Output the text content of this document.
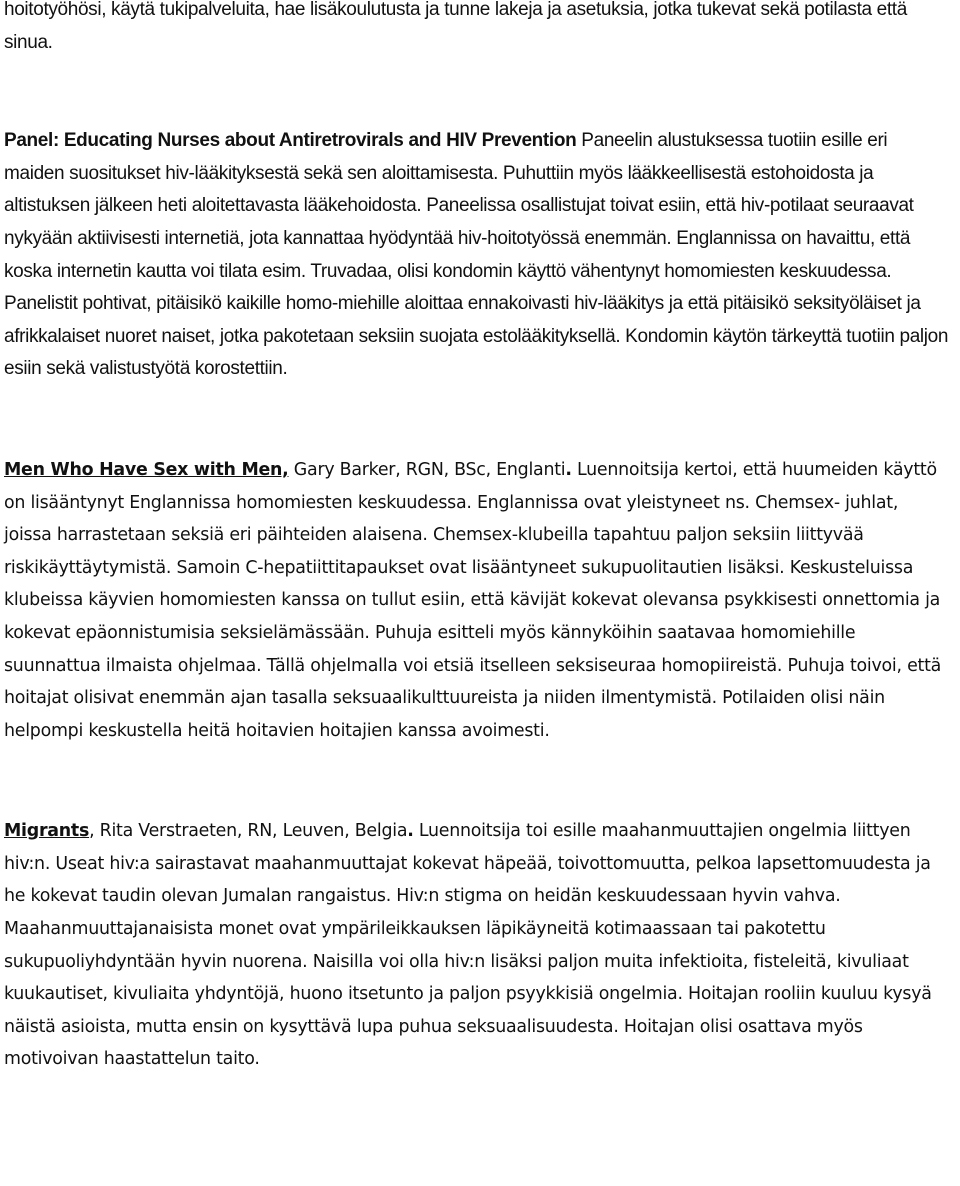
hoitotyöhösi, käytä tukipalveluita, hae lisäkoulutusta ja tunne lakeja ja asetuksia, jotka tukevat sekä potilasta että sinua.

Panel: Educating Nurses about Antiretrovirals and HIV Prevention Paneelin alustuksessa tuotiin esille eri maiden suositukset hiv-lääkityksestä sekä sen aloittamisesta. Puhuttiin myös lääkkeellisestä estohoidosta ja altistuksen jälkeen heti aloitettavasta lääkehoidosta. Paneelissa osallistujat toivat esiin, että hiv-potilaat seuraavat nykyään aktiivisesti internetiä, jota kannattaa hyödyntää hiv-hoitotyössä enemmän. Englannissa on havaittu, että koska internetin kautta voi tilata esim. Truvadaa, olisi kondomin käyttö vähentynyt homomiesten keskuudessa. Panelistit pohtivat, pitäisikö kaikille homo-miehille aloittaa ennakoivasti hiv-lääkitys ja että pitäisikö seksityöläiset ja afrikkalaiset nuoret naiset, jotka pakotetaan seksiin suojata estolääkityksellä. Kondomin käytön tärkeyttä tuotiin paljon esiin sekä valistustyötä korostettiin.

Men Who Have Sex with Men, Gary Barker, RGN, BSc, Englanti. Luennoitsija kertoi, että huumeiden käyttö on lisääntynyt Englannissa homomiesten keskuudessa. Englannissa ovat yleistyneet ns. Chemsex- juhlat, joissa harrastetaan seksiä eri päihteiden alaisena. Chemsex-klubeilla tapahtuu paljon seksiin liittyvää riskikäyttäytymistä. Samoin C-hepatiittitapaukset ovat lisääntyneet sukupuolitautien lisäksi. Keskusteluissa klubeissa käyvien homomiesten kanssa on tullut esiin, että kävijät kokevat olevansa psykkisesti onnettomia ja kokevat epäonnistumisia seksielämässään. Puhuja esitteli myös kännyköihin saatavaa homomiehille suunnattua ilmaista ohjelmaa. Tällä ohjelmalla voi etsiä itselleen seksiseuraa homopiireistä. Puhuja toivoi, että hoitajat olisivat enemmän ajan tasalla seksuaalikulttuureista ja niiden ilmentymistä. Potilaiden olisi näin helpompi keskustella heitä hoitavien hoitajien kanssa avoimesti.

Migrants, Rita Verstraeten, RN, Leuven, Belgia. Luennoitsija toi esille maahanmuuttajien ongelmia liittyen hiv:n. Useat hiv:a sairastavat maahanmuuttajat kokevat häpeää, toivottomuutta, pelkoa lapsettomuudesta ja he kokevat taudin olevan Jumalan rangaistus. Hiv:n stigma on heidän keskuudessaan hyvin vahva. Maahanmuuttajanaisista monet ovat ympärileikkauksen läpikäyneitä kotimaassaan tai pakotettu sukupuoliyhdyntään hyvin nuorena. Naisilla voi olla hiv:n lisäksi paljon muita infektioita, fisteleitä, kivuliaat kuukautiset, kivuliaita yhdyntöjä, huono itsetunto ja paljon psyykkisiä ongelmia. Hoitajan rooliin kuuluu kysyä näistä asioista, mutta ensin on kysyttävä lupa puhua seksuaalisuudesta. Hoitajan olisi osattava myös motivoivan haastattelun taito.
